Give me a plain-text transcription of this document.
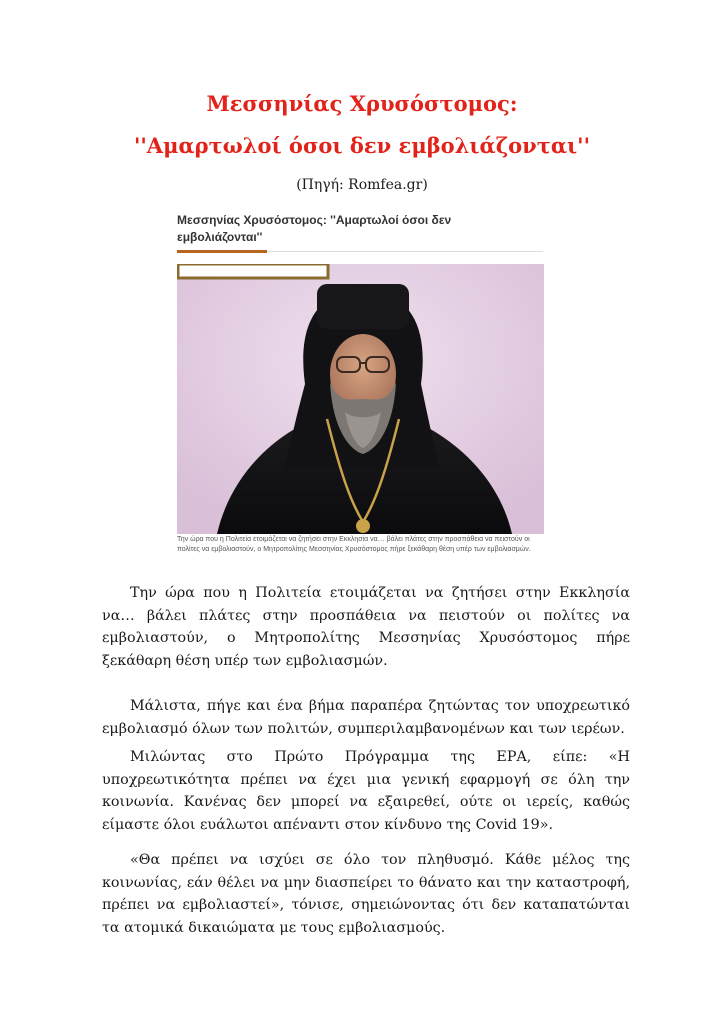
Μεσσηνίας Χρυσόστομος:
''Αμαρτωλοί όσοι δεν εμβολιάζονται''
(Πηγή: Romfea.gr)

Μεσσηνίας Χρυσόστομος: ''Αμαρτωλοί όσοι δεν εμβολιάζονται''

Την ώρα που η Πολιτεία ετοιμάζεται να ζητήσει στην Εκκλησία να… βάλει πλάτες στην προσπάθεια να πειστούν οι πολίτες να εμβολιαστούν, ο Μητροπολίτης Μεσσηνίας Χρυσόστομος πήρε ξεκάθαρη θέση υπέρ των εμβολιασμών.

Την ώρα που η Πολιτεία ετοιμάζεται να ζητήσει στην Εκκλησία να… βάλει πλάτες στην προσπάθεια να πειστούν οι πολίτες να εμβολιαστούν, ο Μητροπολίτης Μεσσηνίας Χρυσόστομος πήρε ξεκάθαρη θέση υπέρ των εμβολιασμών.

Μάλιστα, πήγε και ένα βήμα παραπέρα ζητώντας τον υποχρεωτικό εμβολιασμό όλων των πολιτών, συμπεριλαμβανομένων και των ιερέων.

Μιλώντας στο Πρώτο Πρόγραμμα της ΕΡΑ, είπε: «Η υποχρεωτικότητα πρέπει να έχει μια γενική εφαρμογή σε όλη την κοινωνία. Κανένας δεν μπορεί να εξαιρεθεί, ούτε οι ιερείς, καθώς είμαστε όλοι ευάλωτοι απέναντι στον κίνδυνο της Covid 19».

«Θα πρέπει να ισχύει σε όλο τον πληθυσμό. Κάθε μέλος της κοινωνίας, εάν θέλει να μην διασπείρει το θάνατο και την καταστροφή, πρέπει να εμβολιαστεί», τόνισε, σημειώνοντας ότι δεν καταπατώνται τα ατομικά δικαιώματα με τους εμβολιασμούς.
